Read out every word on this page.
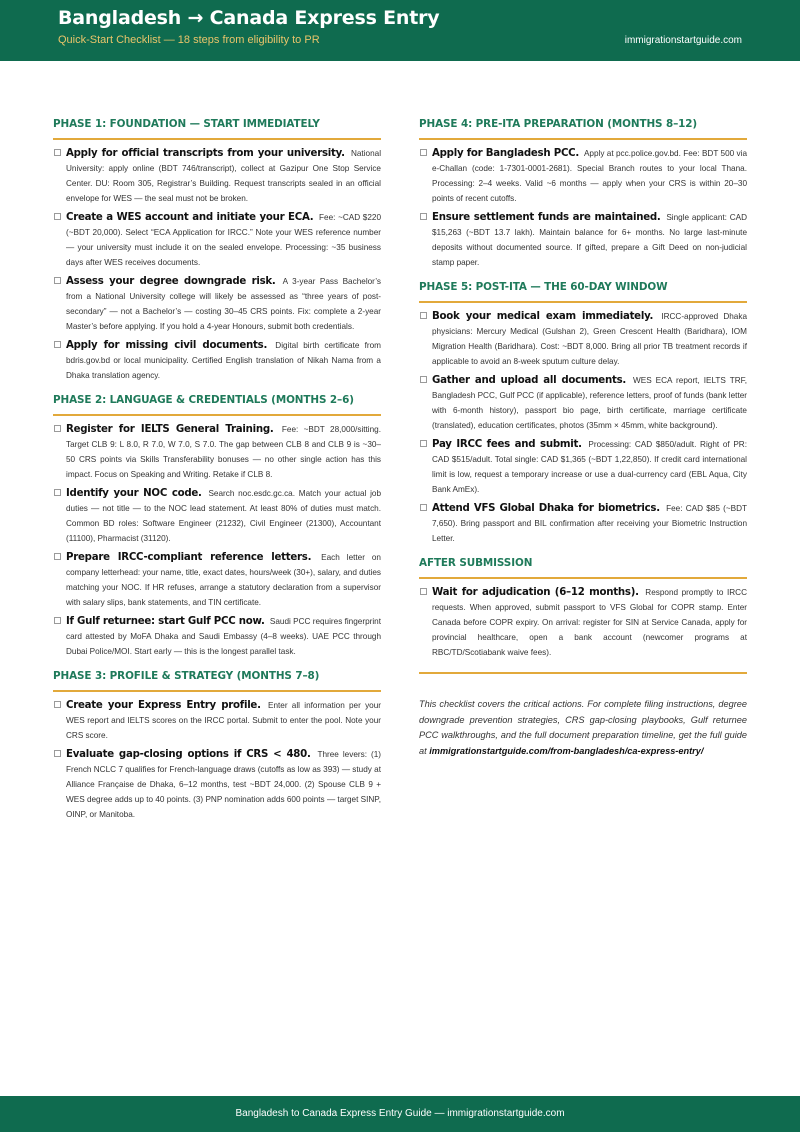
Bangladesh → Canada Express Entry
Quick-Start Checklist — 18 steps from eligibility to PR	immigrationstartguide.com
PHASE 1: FOUNDATION — START IMMEDIATELY
Apply for official transcripts from your university. National University: apply online (BDT 746/transcript), collect at Gazipur One Stop Service Center. DU: Room 305, Registrar’s Building. Request transcripts sealed in an official envelope for WES — the seal must not be broken.
Create a WES account and initiate your ECA. Fee: ~CAD $220 (~BDT 20,000). Select “ECA Application for IRCC.” Note your WES reference number — your university must include it on the sealed envelope. Processing: ~35 business days after WES receives documents.
Assess your degree downgrade risk. A 3-year Pass Bachelor’s from a National University college will likely be assessed as “three years of post-secondary” — not a Bachelor’s — costing 30–45 CRS points. Fix: complete a 2-year Master’s before applying. If you hold a 4-year Honours, submit both credentials.
Apply for missing civil documents. Digital birth certificate from bdris.gov.bd or local municipality. Certified English translation of Nikah Nama from a Dhaka translation agency.
PHASE 2: LANGUAGE & CREDENTIALS (MONTHS 2–6)
Register for IELTS General Training. Fee: ~BDT 28,000/sitting. Target CLB 9: L 8.0, R 7.0, W 7.0, S 7.0. The gap between CLB 8 and CLB 9 is ~30–50 CRS points via Skills Transferability bonuses — no other single action has this impact. Focus on Speaking and Writing. Retake if CLB 8.
Identify your NOC code. Search noc.esdc.gc.ca. Match your actual job duties — not title — to the NOC lead statement. At least 80% of duties must match. Common BD roles: Software Engineer (21232), Civil Engineer (21300), Accountant (11100), Pharmacist (31120).
Prepare IRCC-compliant reference letters. Each letter on company letterhead: your name, title, exact dates, hours/week (30+), salary, and duties matching your NOC. If HR refuses, arrange a statutory declaration from a supervisor with salary slips, bank statements, and TIN certificate.
If Gulf returnee: start Gulf PCC now. Saudi PCC requires fingerprint card attested by MoFA Dhaka and Saudi Embassy (4–8 weeks). UAE PCC through Dubai Police/MOI. Start early — this is the longest parallel task.
PHASE 3: PROFILE & STRATEGY (MONTHS 7–8)
Create your Express Entry profile. Enter all information per your WES report and IELTS scores on the IRCC portal. Submit to enter the pool. Note your CRS score.
Evaluate gap-closing options if CRS < 480. Three levers: (1) French NCLC 7 qualifies for French-language draws (cutoffs as low as 393) — study at Alliance Française de Dhaka, 6–12 months, test ~BDT 24,000. (2) Spouse CLB 9 + WES degree adds up to 40 points. (3) PNP nomination adds 600 points — target SINP, OINP, or Manitoba.
PHASE 4: PRE-ITA PREPARATION (MONTHS 8–12)
Apply for Bangladesh PCC. Apply at pcc.police.gov.bd. Fee: BDT 500 via e-Challan (code: 1-7301-0001-2681). Special Branch routes to your local Thana. Processing: 2–4 weeks. Valid ~6 months — apply when your CRS is within 20–30 points of recent cutoffs.
Ensure settlement funds are maintained. Single applicant: CAD $15,263 (~BDT 13.7 lakh). Maintain balance for 6+ months. No large last-minute deposits without documented source. If gifted, prepare a Gift Deed on non-judicial stamp paper.
PHASE 5: POST-ITA — THE 60-DAY WINDOW
Book your medical exam immediately. IRCC-approved Dhaka physicians: Mercury Medical (Gulshan 2), Green Crescent Health (Baridhara), IOM Migration Health (Baridhara). Cost: ~BDT 8,000. Bring all prior TB treatment records if applicable to avoid an 8-week sputum culture delay.
Gather and upload all documents. WES ECA report, IELTS TRF, Bangladesh PCC, Gulf PCC (if applicable), reference letters, proof of funds (bank letter with 6-month history), passport bio page, birth certificate, marriage certificate (translated), education certificates, photos (35mm × 45mm, white background).
Pay IRCC fees and submit. Processing: CAD $850/adult. Right of PR: CAD $515/adult. Total single: CAD $1,365 (~BDT 1,22,850). If credit card international limit is low, request a temporary increase or use a dual-currency card (EBL Aqua, City Bank AmEx).
Attend VFS Global Dhaka for biometrics. Fee: CAD $85 (~BDT 7,650). Bring passport and BIL confirmation after receiving your Biometric Instruction Letter.
AFTER SUBMISSION
Wait for adjudication (6–12 months). Respond promptly to IRCC requests. When approved, submit passport to VFS Global for COPR stamp. Enter Canada before COPR expiry. On arrival: register for SIN at Service Canada, apply for provincial healthcare, open a bank account (newcomer programs at RBC/TD/Scotiabank waive fees).
This checklist covers the critical actions. For complete filing instructions, degree downgrade prevention strategies, CRS gap-closing playbooks, Gulf returnee PCC walkthroughs, and the full document preparation timeline, get the full guide at immigrationstartguide.com/from-bangladesh/ca-express-entry/
Bangladesh to Canada Express Entry Guide — immigrationstartguide.com
